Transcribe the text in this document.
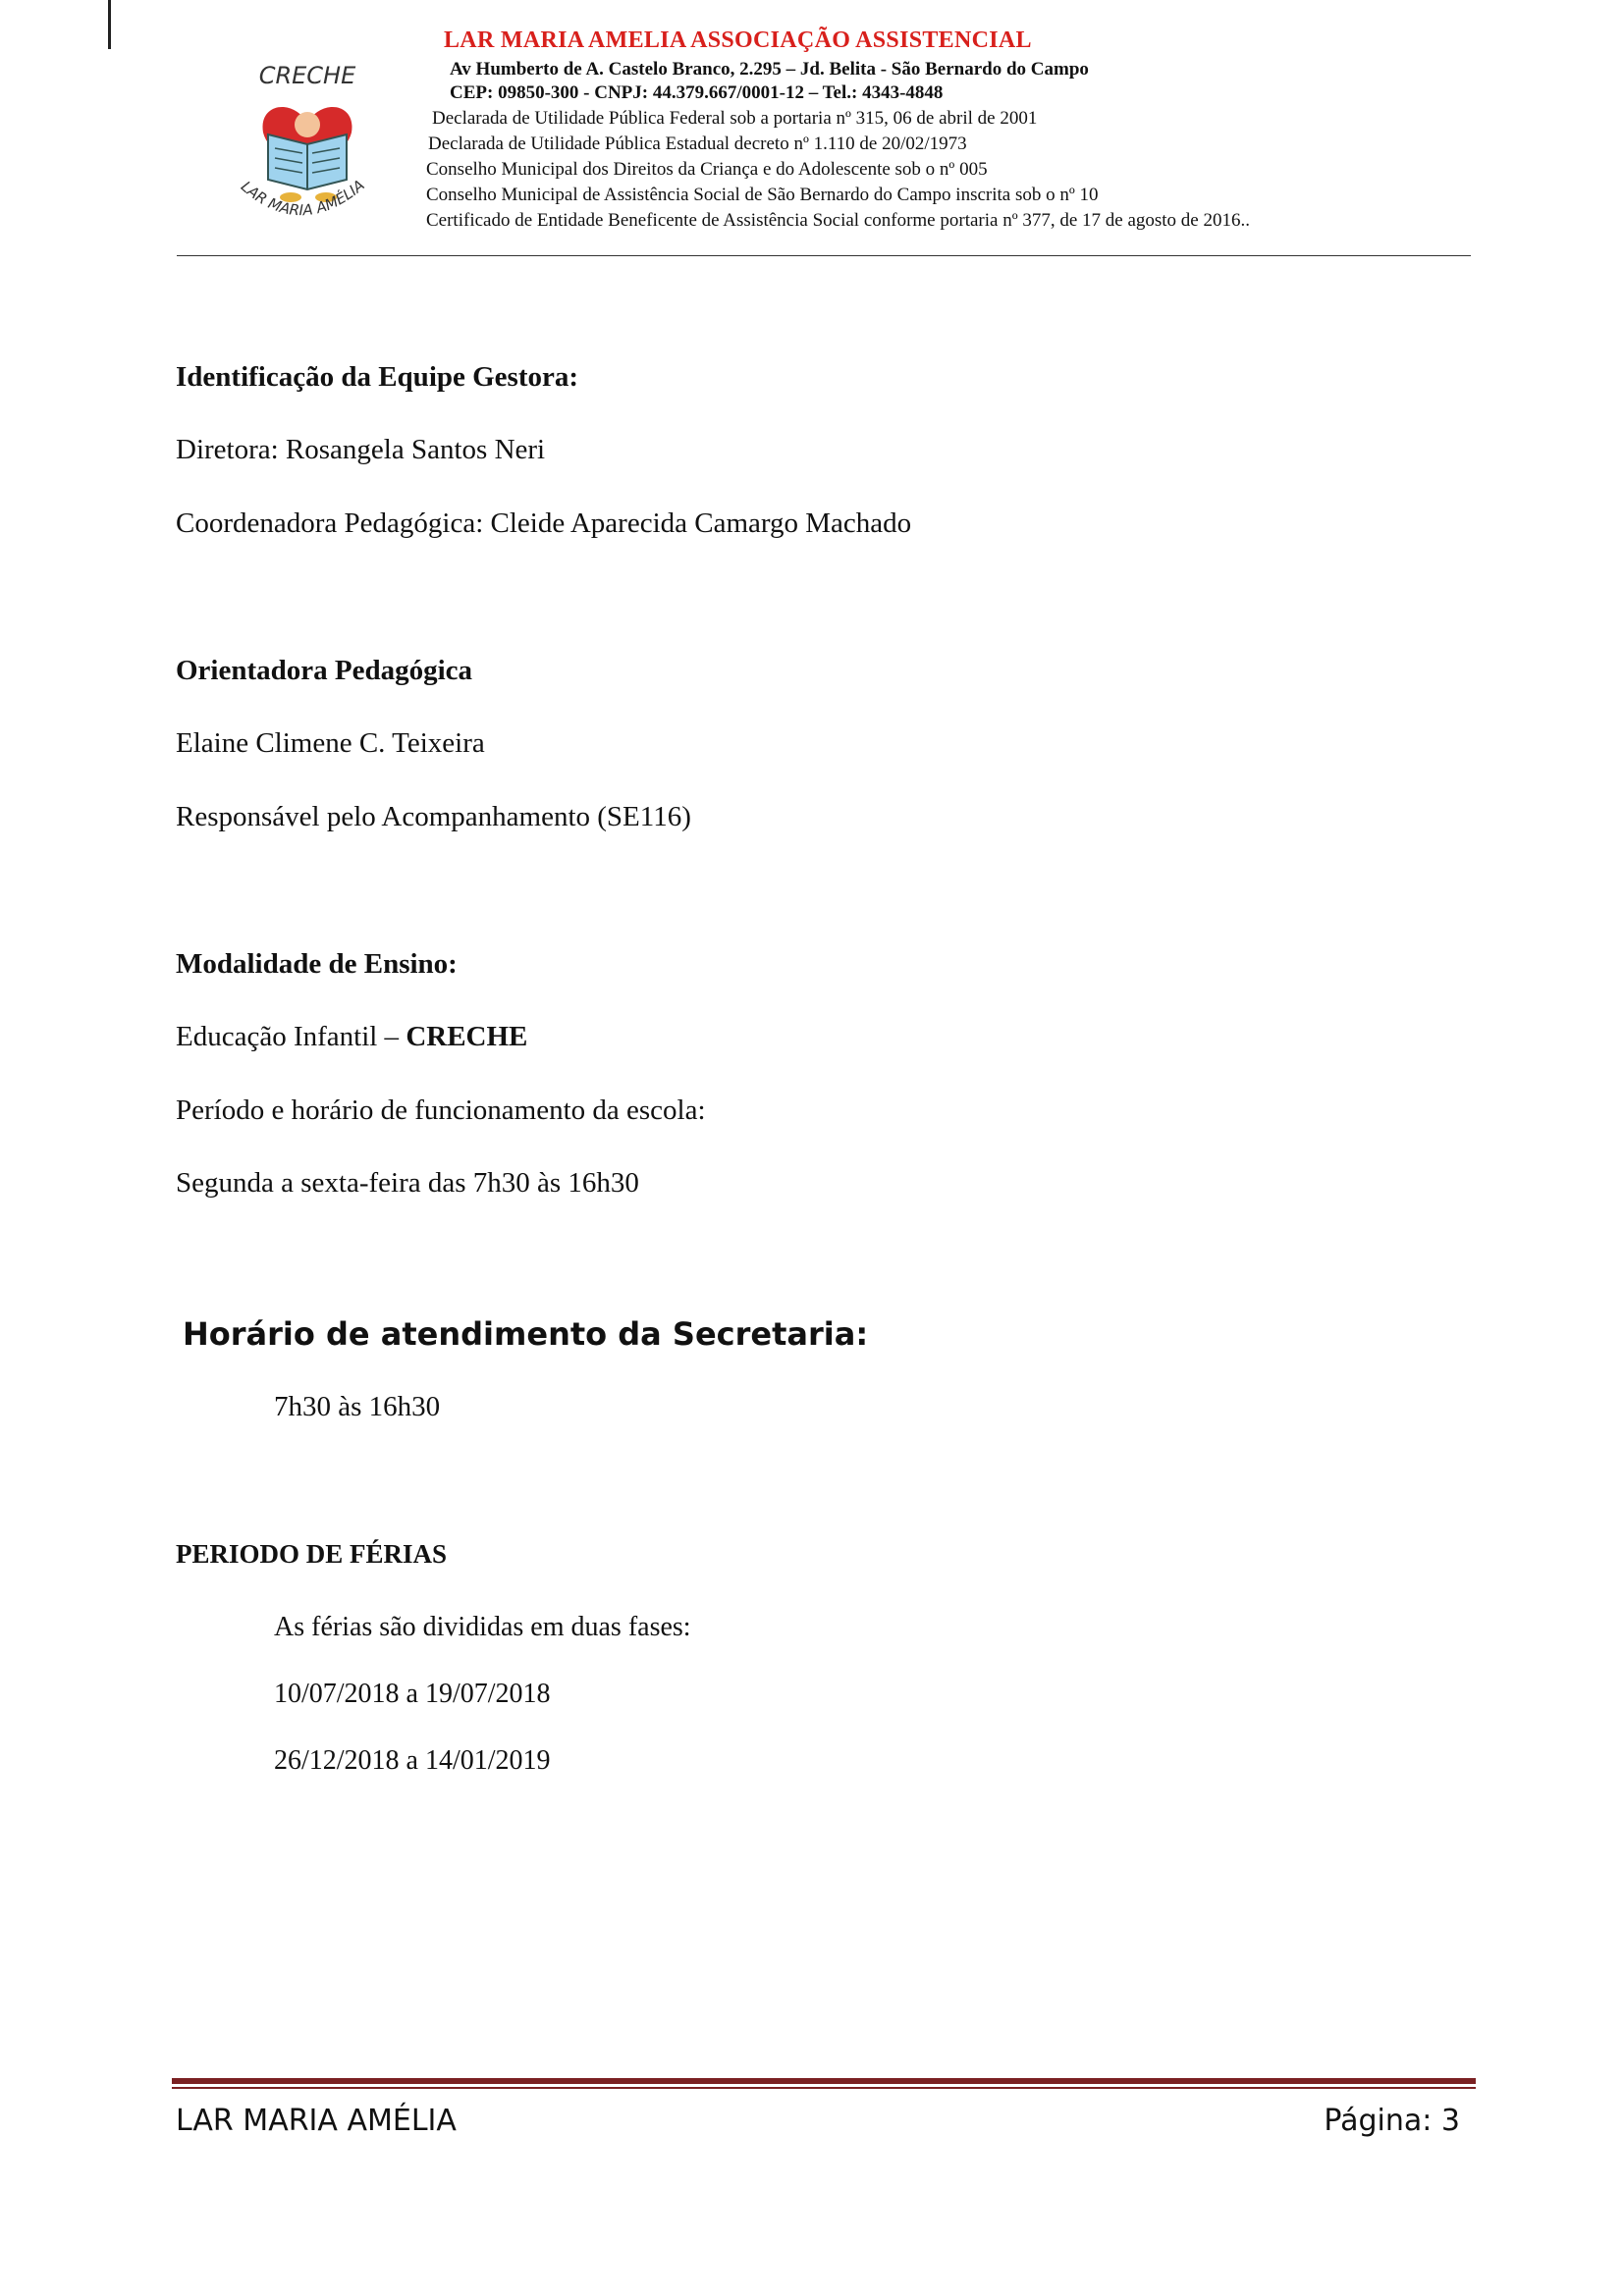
CRECHE
LAR MARIA AMÉLIA
LAR MARIA AMELIA ASSOCIAÇÃO ASSISTENCIAL
Av Humberto de A. Castelo Branco, 2.295 – Jd. Belita - São Bernardo do Campo
CEP: 09850-300 - CNPJ: 44.379.667/0001-12 – Tel.: 4343-4848
Declarada de Utilidade Pública Federal sob a portaria nº 315, 06 de abril de 2001
Declarada de Utilidade Pública Estadual decreto nº 1.110 de 20/02/1973
Conselho Municipal dos Direitos da Criança e do Adolescente sob o nº 005
Conselho Municipal de Assistência Social de São Bernardo do Campo inscrita sob o nº 10
Certificado de Entidade Beneficente de Assistência Social conforme portaria nº 377, de 17 de agosto de 2016..
Identificação da Equipe Gestora:
Diretora: Rosangela Santos Neri
Coordenadora Pedagógica: Cleide Aparecida Camargo Machado
Orientadora Pedagógica
Elaine Climene C. Teixeira
Responsável pelo Acompanhamento (SE116)
Modalidade de Ensino:
Educação Infantil – CRECHE
Período e horário de funcionamento da escola:
Segunda a sexta-feira das 7h30 às 16h30
Horário de atendimento da Secretaria:
7h30 às 16h30
PERIODO DE FÉRIAS
As férias são divididas em duas fases:
10/07/2018 a 19/07/2018
26/12/2018 a 14/01/2019
LAR MARIA AMÉLIA	Página: 3
